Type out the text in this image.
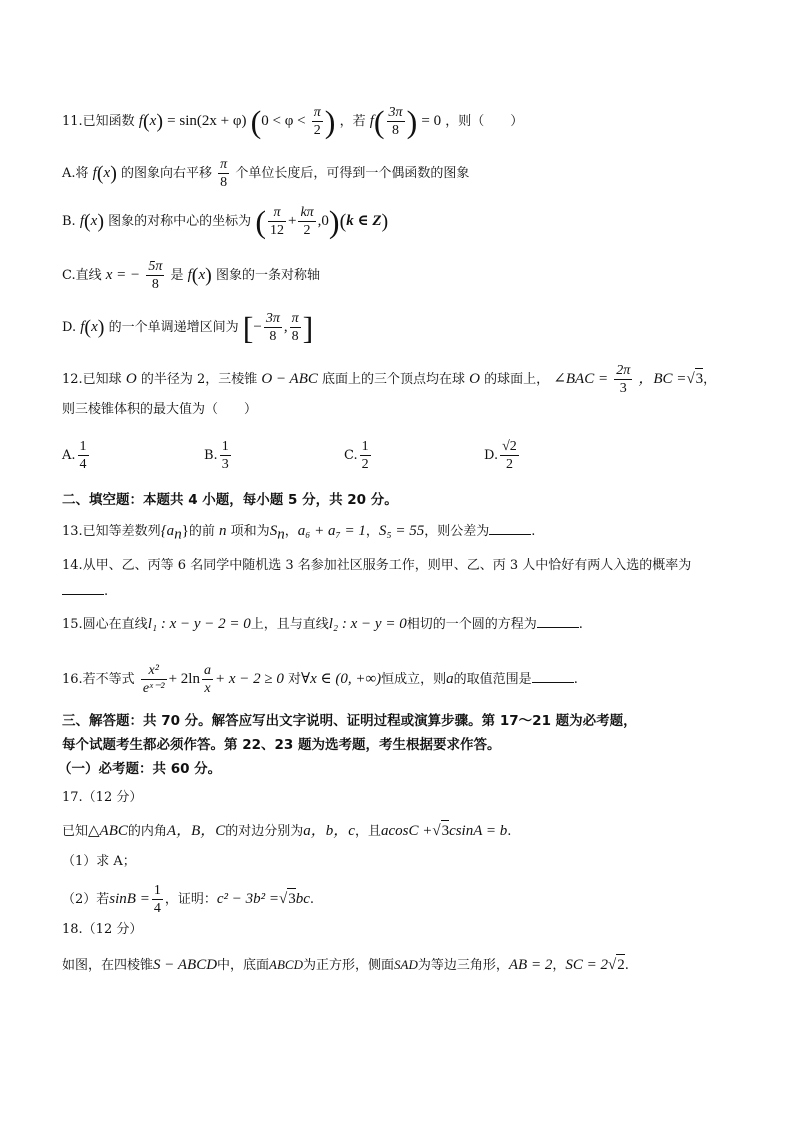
11.已知函数 f(x) = sin(2x + φ) ($0 < \varphi < \frac{\pi}{2}$ ) ，若 $f( \frac{3\pi}{8}$ ) = 0 ，则（　　）
A.将 f(x) 的图象向右平移 $\frac{\pi}{8}$ 个单位长度后，可得到一个偶函数的图象
B. f(x) 图象的对称中心的坐标为 ( $\frac{\pi}{12} + \frac{k\pi}{2} ,0)(k$ ∈ Z)
C.直线 x = − $\frac{5\pi}{8}$ 是 f(x) 图象的一条对称轴
D. f(x) 的一个单调递增区间为 [− $\frac{3\pi}{8}$ , $\frac{\pi}{8}$ ]
12.已知球 O 的半径为 2，三棱锥 O − ABC 底面上的三个顶点均在球 O 的球面上， ∠BAC = $\frac{2\pi}{3}$ ，BC =√3，
则三棱锥体积的最大值为（　　）
A. $\frac{1}{4}$	B. $\frac{1}{3}$	C. $\frac{1}{2}$	D. $\frac{√2}{2}$
二、填空题：本题共 4 小题，每小题 5 分，共 20 分。
13.已知等差数列$\{a_n\}$的前 n 项和为$S_n$，a₆ + a₇ = 1，S₅ = 55，则公差为	.
14.从甲、乙、丙等 6 名同学中随机选 3 名参加社区服务工作，则甲、乙、丙 3 人中恰好有两人入选的概率为
.
15.圆心在直线l₁ : x − y − 2 = 0上，且与直线l₂ : x − y = 0相切的一个圆的方程为	.
16.若不等式 $\frac{\text{x²}}{\text{eˣ⁻²}} + 2\ln \frac{a}{x} + x - 2 \ge 0$ 对∀x ∈ (0, +∞)恒成立，则a的取值范围是	.
三、解答题：共 70 分。解答应写出文字说明、证明过程或演算步骤。第 17～21 题为必考题，
每个试题考生都必须作答。第 22、23 题为选考题，考生根据要求作答。
（一）必考题：共 60 分。
17.（12 分）
已知△ABC的内角A，B，C的对边分别为a，b，c，且acosC +√3csinA = b.
（1）求 A；
（2）若$\sin B = \frac{1}{4}$ ，证明：c² − 3b² =√3bc.
18.（12 分）
如图，在四棱锥S − ABCD中，底面ABCD为正方形，侧面SAD为等边三角形，AB = 2，SC = 2√2.
